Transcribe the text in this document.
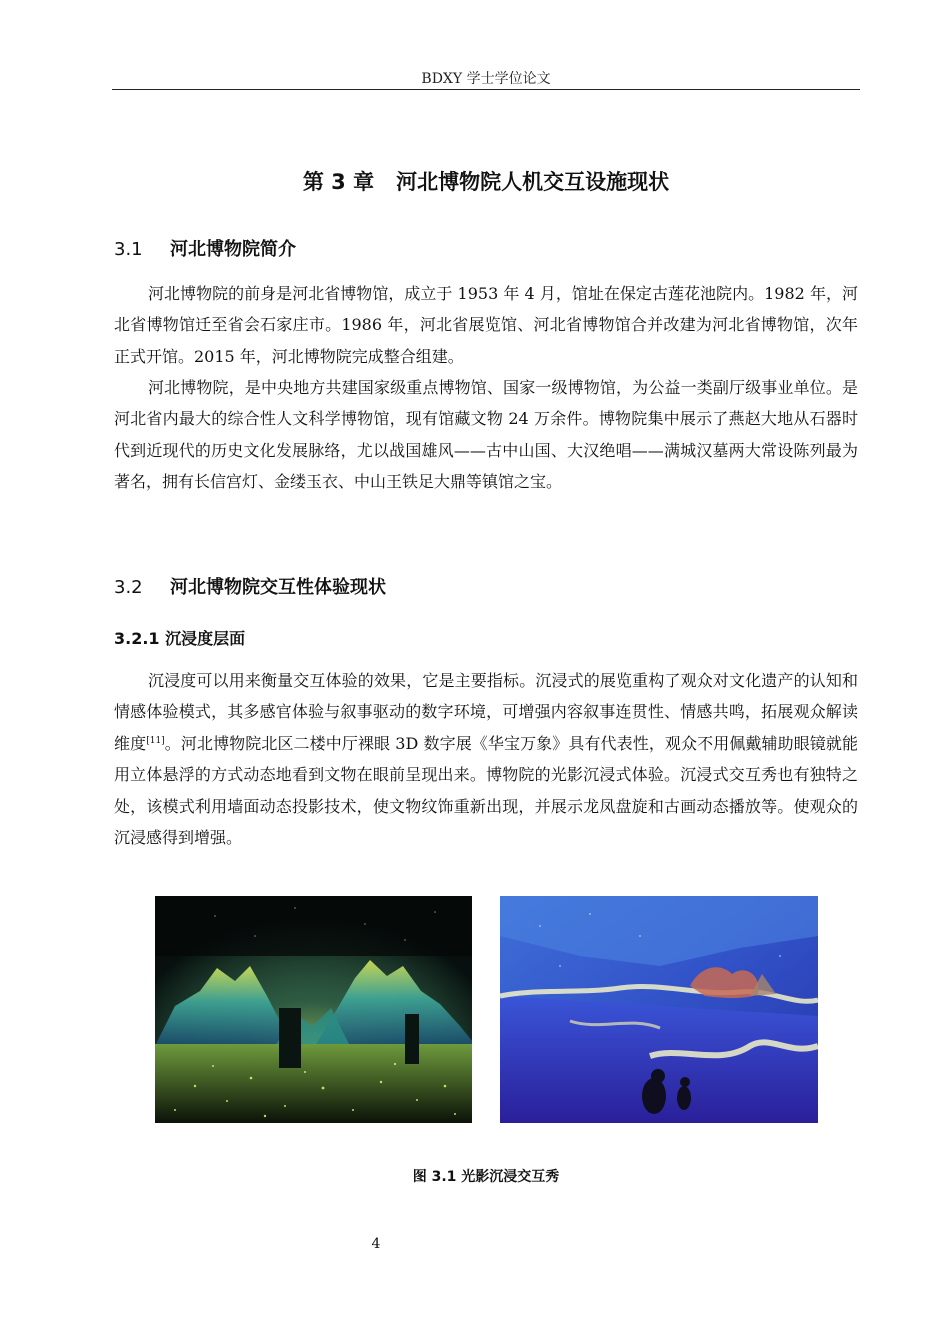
BDXY 学士学位论文
第 3 章 河北博物院人机交互设施现状
3.1 河北博物院简介

河北博物院的前身是河北省博物馆，成立于 1953 年 4 月，馆址在保定古莲花池院内。1982 年，河北省博物馆迁至省会石家庄市。1986 年，河北省展览馆、河北省博物馆合并改建为河北省博物馆，次年正式开馆。2015 年，河北博物院完成整合组建。

河北博物院，是中央地方共建国家级重点博物馆、国家一级博物馆，为公益一类副厅级事业单位。是河北省内最大的综合性人文科学博物馆，现有馆藏文物 24 万余件。博物院集中展示了燕赵大地从石器时代到近现代的历史文化发展脉络，尤以战国雄风——古中山国、大汉绝唱——满城汉墓两大常设陈列最为著名，拥有长信宫灯、金缕玉衣、中山王铁足大鼎等镇馆之宝。

3.2 河北博物院交互性体验现状
3.2.1 沉浸度层面

沉浸度可以用来衡量交互体验的效果，它是主要指标。沉浸式的展览重构了观众对文化遗产的认知和情感体验模式，其多感官体验与叙事驱动的数字环境，可增强内容叙事连贯性、情感共鸣，拓展观众解读维度[11]。河北博物院北区二楼中厅裸眼 3D 数字展《华宝万象》具有代表性，观众不用佩戴辅助眼镜就能用立体悬浮的方式动态地看到文物在眼前呈现出来。博物院的光影沉浸式体验。沉浸式交互秀也有独特之处，该模式利用墙面动态投影技术，使文物纹饰重新出现，并展示龙凤盘旋和古画动态播放等。使观众的沉浸感得到增强。

图 3.1 光影沉浸交互秀
4
